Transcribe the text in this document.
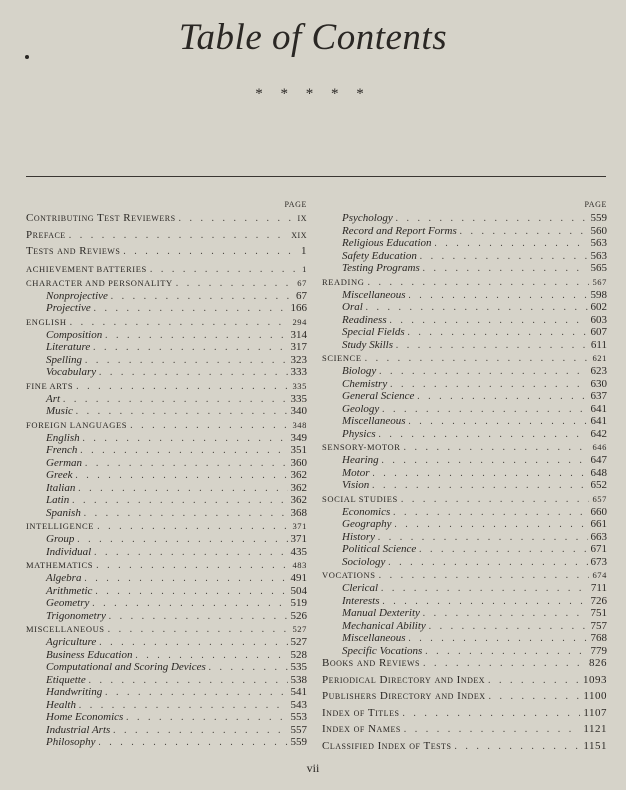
Table of Contents
* * * * *
PAGE
Contributing Test Reviewers . . .	ix
Preface . . .	xix
Tests and Reviews . . .	1
ACHIEVEMENT BATTERIES . . .	1
CHARACTER AND PERSONALITY . . .	67
Nonprojective . . .	67
Projective . . .	166
ENGLISH . . .	294
Composition . . .	314
Literature . . .	317
Spelling . . .	323
Vocabulary . . .	333
FINE ARTS . . .	335
Art . . .	335
Music . . .	340
FOREIGN LANGUAGES . . .	348
English . . .	349
French . . .	351
German . . .	360
Greek . . .	362
Italian . . .	362
Latin . . .	362
Spanish . . .	368
INTELLIGENCE . . .	371
Group . . .	371
Individual . . .	435
MATHEMATICS . . .	483
Algebra . . .	491
Arithmetic . . .	504
Geometry . . .	519
Trigonometry . . .	526
MISCELLANEOUS . . .	527
Agriculture . . .	527
Business Education . . .	528
Computational and Scoring Devices . . .	535
Etiquette . . .	538
Handwriting . . .	541
Health . . .	543
Home Economics . . .	553
Industrial Arts . . .	557
Philosophy . . .	559
PAGE
Psychology . . .	559
Record and Report Forms . . .	560
Religious Education . . .	563
Safety Education . . .	563
Testing Programs . . .	565
READING . . .	567
Miscellaneous . . .	598
Oral . . .	602
Readiness . . .	603
Special Fields . . .	607
Study Skills . . .	611
SCIENCE . . .	621
Biology . . .	623
Chemistry . . .	630
General Science . . .	637
Geology . . .	641
Miscellaneous . . .	641
Physics . . .	642
SENSORY-MOTOR . . .	646
Hearing . . .	647
Motor . . .	648
Vision . . .	652
SOCIAL STUDIES . . .	657
Economics . . .	660
Geography . . .	661
History . . .	663
Political Science . . .	671
Sociology . . .	673
VOCATIONS . . .	674
Clerical . . .	711
Interests . . .	726
Manual Dexterity . . .	751
Mechanical Ability . . .	757
Miscellaneous . . .	768
Specific Vocations . . .	779
Books and Reviews . . .	826
Periodical Directory and Index . . .	1093
Publishers Directory and Index . . .	1100
Index of Titles . . .	1107
Index of Names . . .	1121
Classified Index of Tests . . .	1151
vii
